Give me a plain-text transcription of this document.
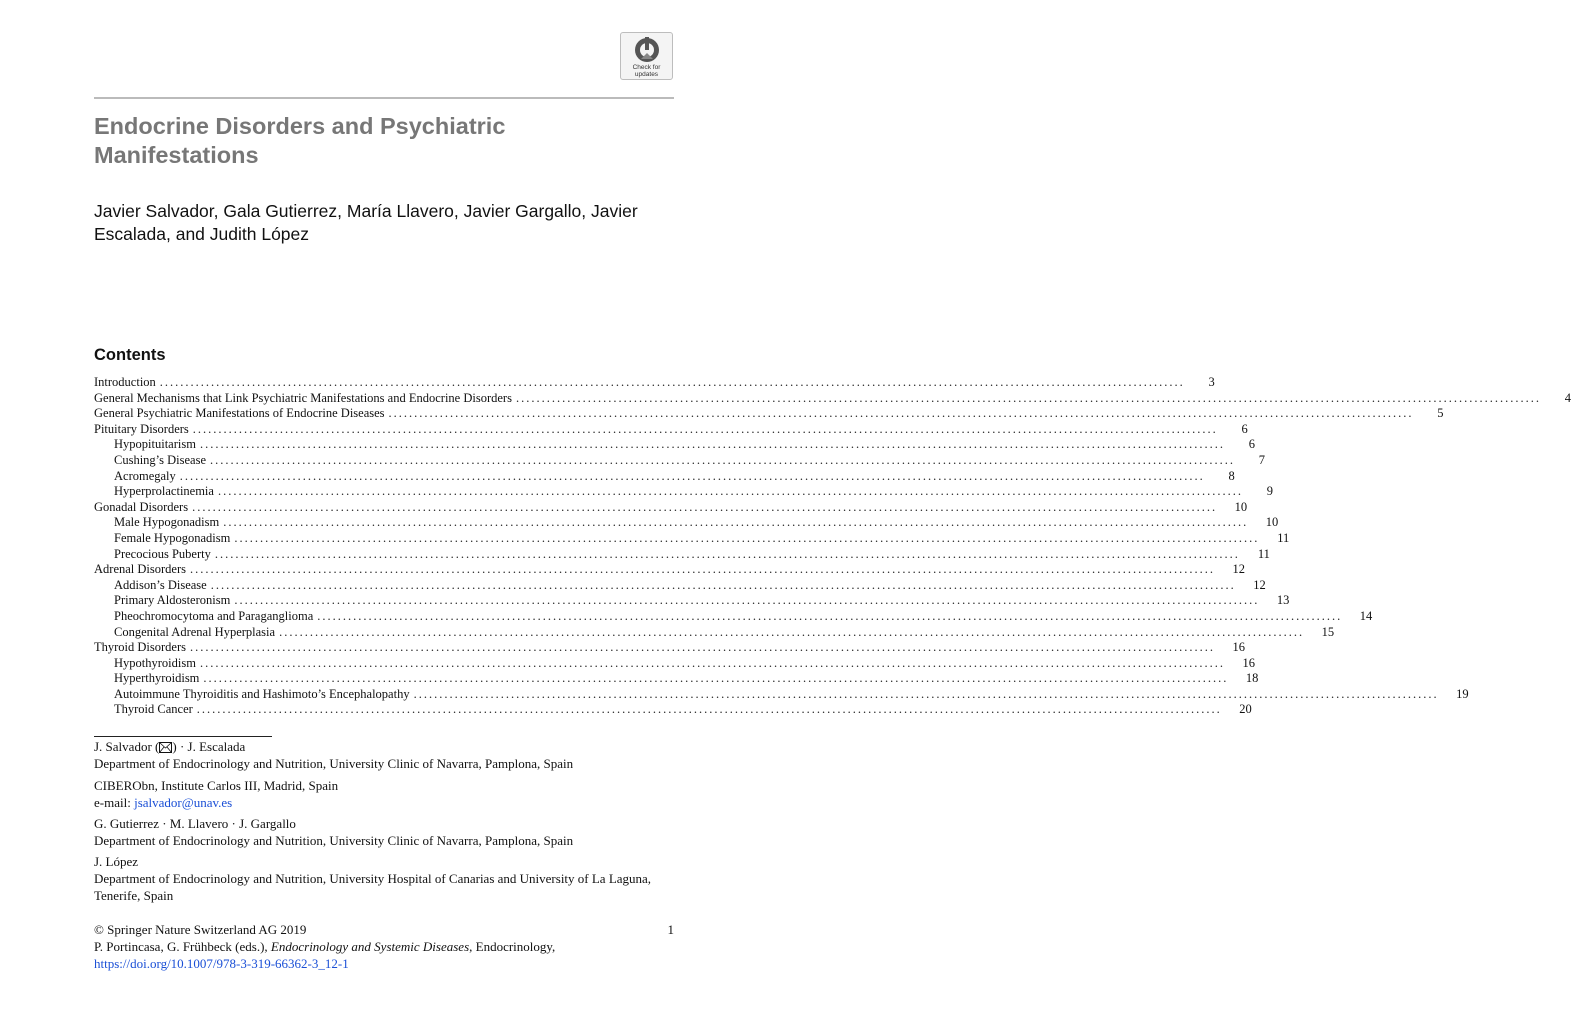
Check for
updates
Endocrine Disorders and Psychiatric Manifestations

Javier Salvador, Gala Gutierrez, María Llavero, Javier Gargallo, Javier Escalada, and Judith López

Contents
Introduction ........................................................................................................................................................................................................	3
General Mechanisms that Link Psychiatric Manifestations and Endocrine Disorders ........................................................................................................................................................................................................	4
General Psychiatric Manifestations of Endocrine Diseases ........................................................................................................................................................................................................	5
Pituitary Disorders ........................................................................................................................................................................................................	6
Hypopituitarism ........................................................................................................................................................................................................	6
Cushing’s Disease ........................................................................................................................................................................................................	7
Acromegaly ........................................................................................................................................................................................................	8
Hyperprolactinemia ........................................................................................................................................................................................................	9
Gonadal Disorders ........................................................................................................................................................................................................	10
Male Hypogonadism ........................................................................................................................................................................................................	10
Female Hypogonadism ........................................................................................................................................................................................................	11
Precocious Puberty ........................................................................................................................................................................................................	11
Adrenal Disorders ........................................................................................................................................................................................................	12
Addison’s Disease ........................................................................................................................................................................................................	12
Primary Aldosteronism ........................................................................................................................................................................................................	13
Pheochromocytoma and Paraganglioma ........................................................................................................................................................................................................	14
Congenital Adrenal Hyperplasia ........................................................................................................................................................................................................	15
Thyroid Disorders ........................................................................................................................................................................................................	16
Hypothyroidism ........................................................................................................................................................................................................	16
Hyperthyroidism ........................................................................................................................................................................................................	18
Autoimmune Thyroiditis and Hashimoto’s Encephalopathy ........................................................................................................................................................................................................	19
Thyroid Cancer ........................................................................................................................................................................................................	20

J. Salvador ( ) · J. Escalada

Department of Endocrinology and Nutrition, University Clinic of Navarra, Pamplona, Spain

CIBERObn, Institute Carlos III, Madrid, Spain

e-mail: jsalvador@unav.es

G. Gutierrez · M. Llavero · J. Gargallo

Department of Endocrinology and Nutrition, University Clinic of Navarra, Pamplona, Spain

J. López

Department of Endocrinology and Nutrition, University Hospital of Canarias and University of La Laguna, Tenerife, Spain

© Springer Nature Switzerland AG 2019	1

P. Portincasa, G. Frühbeck (eds.), Endocrinology and Systemic Diseases, Endocrinology,

https://doi.org/10.1007/978-3-319-66362-3_12-1
